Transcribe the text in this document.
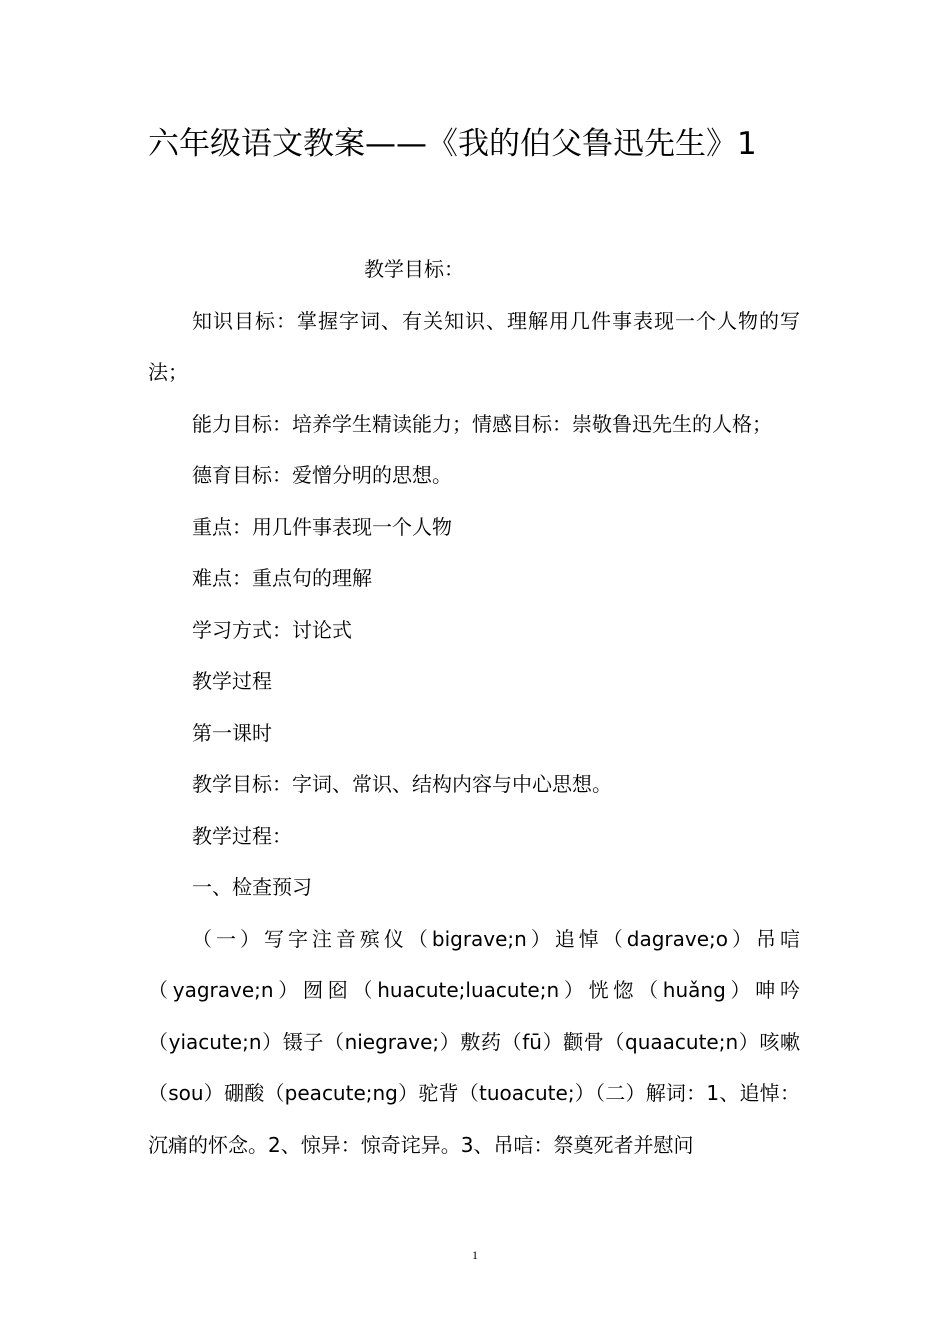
六年级语文教案——《我的伯父鲁迅先生》1

教学目标：

知识目标：掌握字词、有关知识、理解用几件事表现一个人物的写法；

能力目标：培养学生精读能力；情感目标：崇敬鲁迅先生的人格；

德育目标：爱憎分明的思想。

重点：用几件事表现一个人物

难点：重点句的理解

学习方式：讨论式

教学过程

第一课时

教学目标：字词、常识、结构内容与中心思想。

教学过程：

一、检查预习

（一）写字注音殡仪（bigrave;n）追悼（dagrave;o）吊唁（yagrave;n）囫囵（huacute;luacute;n）恍惚（huǎng）呻吟（yiacute;n）镊子（niegrave;）敷药（fū）颧骨（quaacute;n）咳嗽（sou）硼酸（peacute;ng）驼背（tuoacute;）（二）解词：1、追悼：沉痛的怀念。2、惊异：惊奇诧异。3、吊唁：祭奠死者并慰问

1
